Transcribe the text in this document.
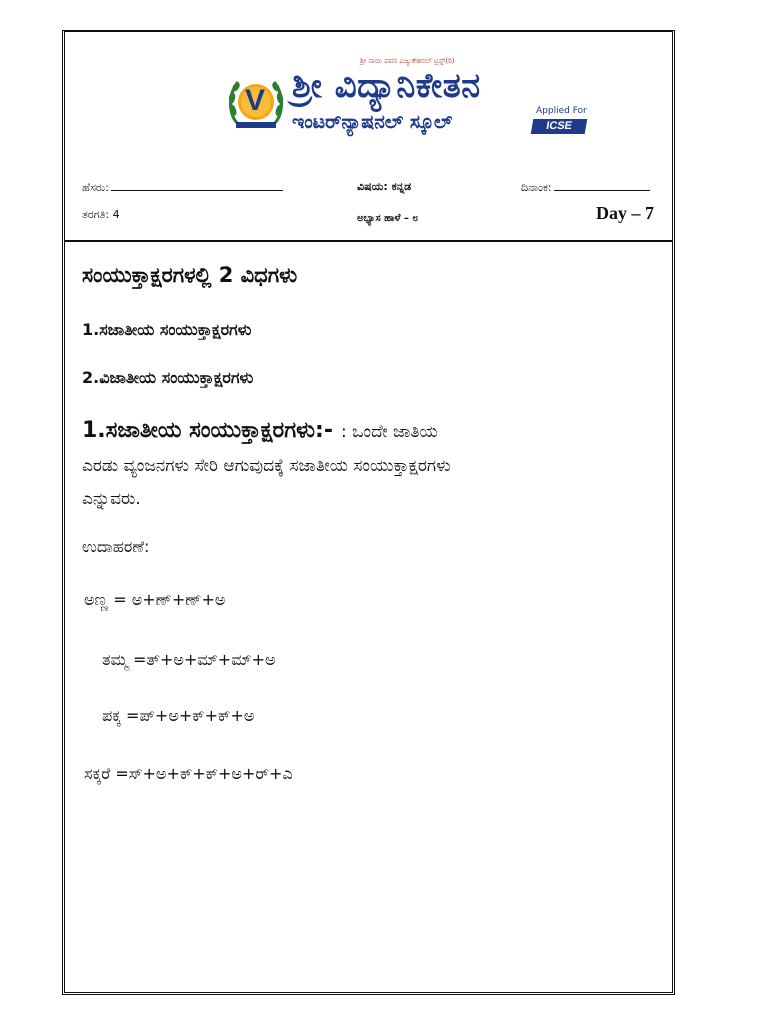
V
ಶ್ರೀ ಸಾಯಿ ಪವನ ಎಜ್ಯುಕೇಶನಲ್ ಟ್ರಸ್ಟ್(ರಿ)
ಶ್ರೀ ವಿದ್ಯಾನಿಕೇತನ
ಇಂಟರ್‌ನ್ಯಾಷನಲ್ ಸ್ಕೂಲ್	Applied For
ICSE
ಹೆಸರು:	ವಿಷಯ: ಕನ್ನಡ	ದಿನಾಂಕ:
ತರಗತಿ: 4	ಅಭ್ಯಾಸ ಹಾಳೆ – ೮	Day – 7
ಸಂಯುಕ್ತಾಕ್ಷರಗಳಲ್ಲಿ 2 ವಿಧಗಳು
1.ಸಜಾತೀಯ ಸಂಯುಕ್ತಾಕ್ಷರಗಳು
2.ವಿಜಾತೀಯ ಸಂಯುಕ್ತಾಕ್ಷರಗಳು
1.ಸಜಾತೀಯ ಸಂಯುಕ್ತಾಕ್ಷರಗಳು:- : ಒಂದೇ ಜಾತಿಯ
ಎರಡು ವ್ಯಂಜನಗಳು ಸೇರಿ ಆಗುವುದಕ್ಕೆ ಸಜಾತೀಯ ಸಂಯುಕ್ತಾಕ್ಷರಗಳು
ಎನ್ನುವರು.
ಉದಾಹರಣೆ:
ಅಣ್ಣ = ಅ+ಣ್+ಣ್+ಅ
ತಮ್ಮ =ತ್+ಅ+ಮ್+ಮ್+ಅ
ಪಕ್ಕ =ಪ್+ಅ+ಕ್+ಕ್+ಅ
ಸಕ್ಕರೆ =ಸ್+ಅ+ಕ್+ಕ್+ಅ+ರ್+ಎ
